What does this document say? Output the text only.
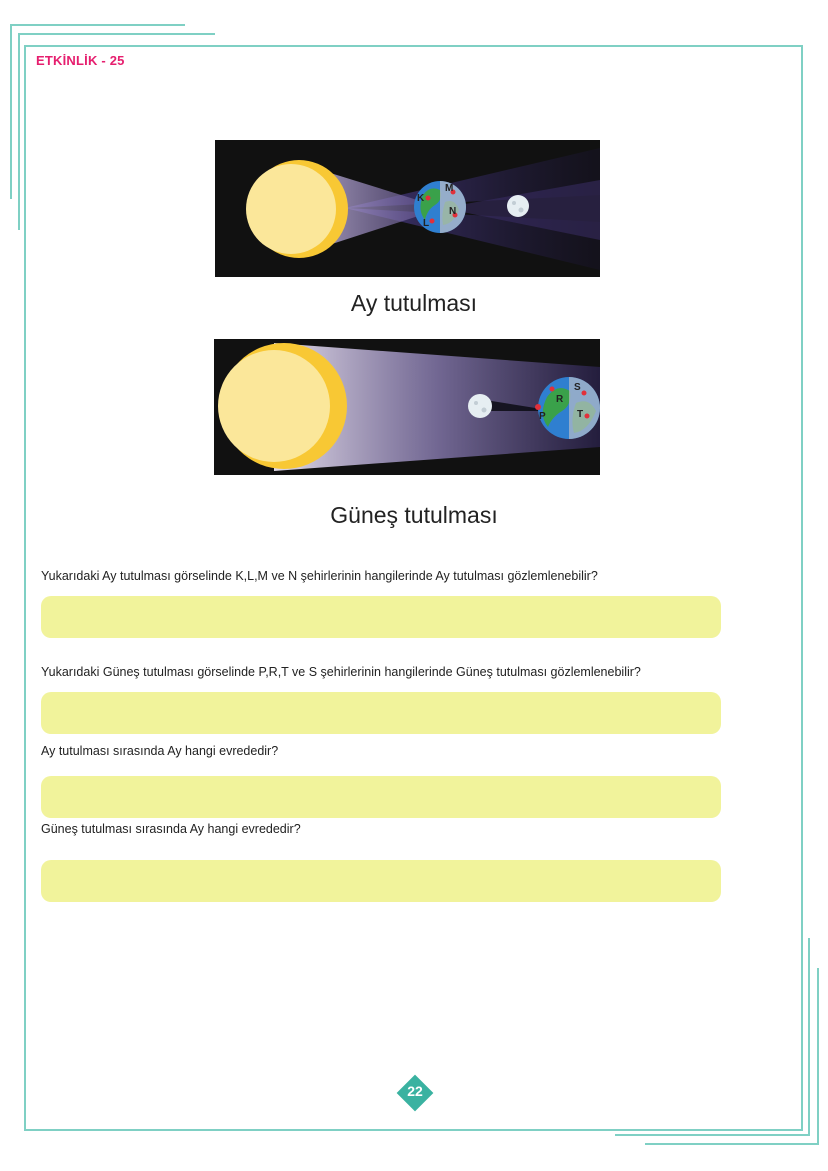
ETKİNLİK - 25
K
L
M
N
Ay tutulması
P
R
S
T
Güneş tutulması
Yukarıdaki Ay tutulması görselinde K,L,M ve N şehirlerinin hangilerinde Ay tutulması gözlemlenebilir?
Yukarıdaki Güneş tutulması görselinde P,R,T ve S şehirlerinin hangilerinde Güneş tutulması gözlemlenebilir?
Ay tutulması sırasında Ay hangi evrededir?
Güneş tutulması sırasında Ay hangi evrededir?
22
